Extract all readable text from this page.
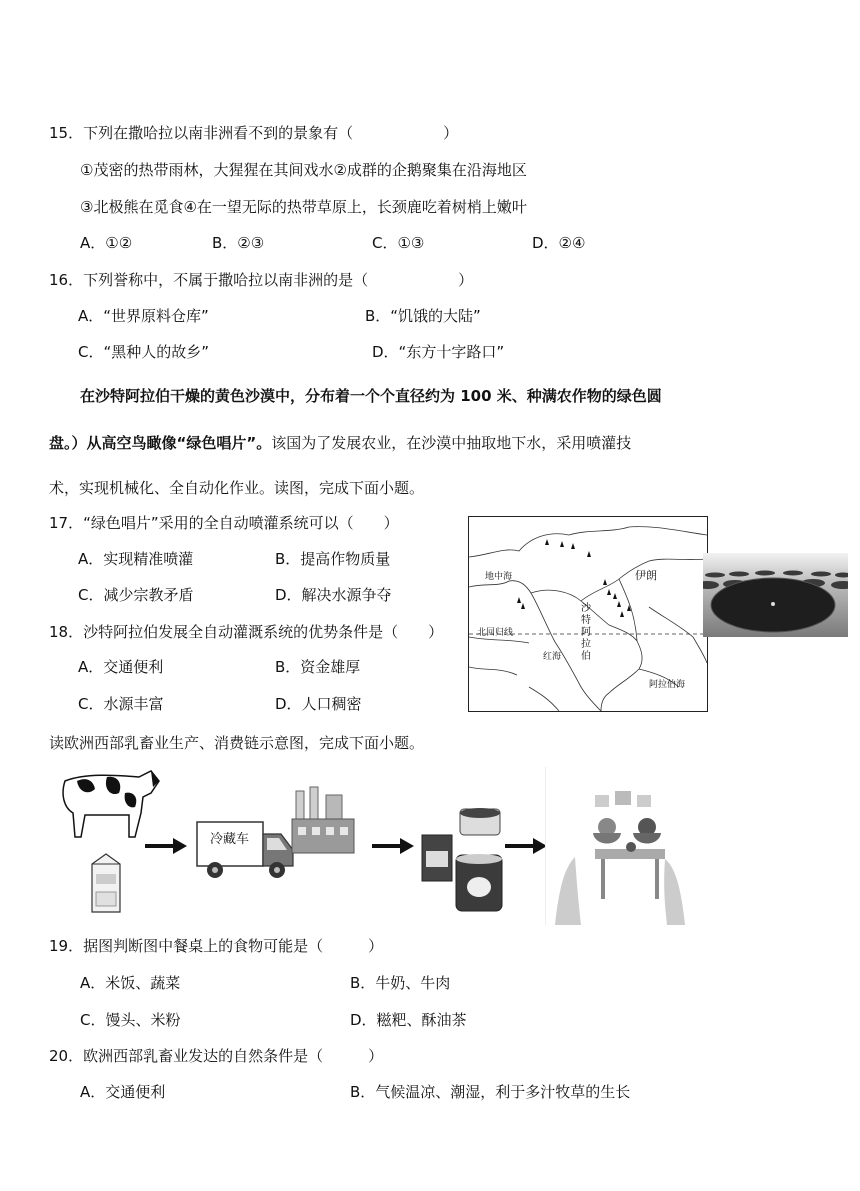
15．下列在撒哈拉以南非洲看不到的景象有（　　　　　　）
①茂密的热带雨林，大猩猩在其间戏水②成群的企鹅聚集在沿海地区
③北极熊在觅食④在一望无际的热带草原上，长颈鹿吃着树梢上嫩叶
A．①②	B．②③	C．①③	D．②④
16．下列誉称中，不属于撒哈拉以南非洲的是（　　　　　　）
A．“世界原料仓库”	B．“饥饿的大陆”
C．“黑种人的故乡”	D．“东方十字路口”
在沙特阿拉伯干燥的黄色沙漠中，分布着一个个直径约为 100 米、种满农作物的绿色圆
盘。）从高空鸟瞰像“绿色唱片”。该国为了发展农业，在沙漠中抽取地下水，采用喷灌技
术，实现机械化、全自动化作业。读图，完成下面小题。
17．“绿色唱片”采用的全自动喷灌系统可以（　　）
A．实现精准喷灌	B．提高作物质量
C．减少宗教矛盾	D．解决水源争夺
18．沙特阿拉伯发展全自动灌溉系统的优势条件是（　　）
A．交通便利	B．资金雄厚
C．水源丰富	D．人口稠密
地中海	伊朗
北回归线
红海
沙特阿拉伯
阿拉伯海
读欧洲西部乳畜业生产、消费链示意图，完成下面小题。
冷藏车
19．据图判断图中餐桌上的食物可能是（　　　）
A．米饭、蔬菜	B．牛奶、牛肉
C．馒头、米粉	D．糍粑、酥油茶
20．欧洲西部乳畜业发达的自然条件是（　　　）
A．交通便利	B．气候温凉、潮湿，利于多汁牧草的生长
